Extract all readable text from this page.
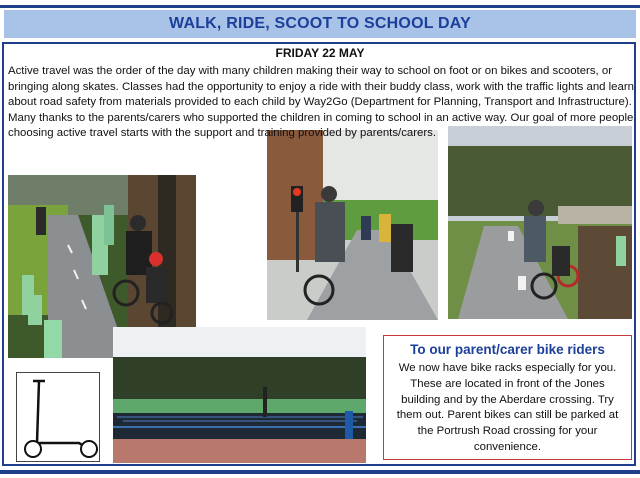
WALK, RIDE, SCOOT TO SCHOOL DAY
FRIDAY 22 MAY
To our parent/carer bike riders

We now have bike racks especially for you. These are located in front of the Jones building and by the Aberdare crossing. Try them out. Parent bikes can still be parked at the Portrush Road crossing for your convenience.

Active travel was the order of the day with many children making their way to school on foot or on bikes and scooters, or bringing along skates. Classes had the opportunity to enjoy a ride with their buddy class, work with the traffic lights and learn about road safety from materials provided to each child by Way2Go (Department for Planning, Transport and Infrastructure). Many thanks to the parents/carers who supported the children in coming to school in an active way. Our goal of more people choosing active travel starts with the support and training provided by parents/carers.
